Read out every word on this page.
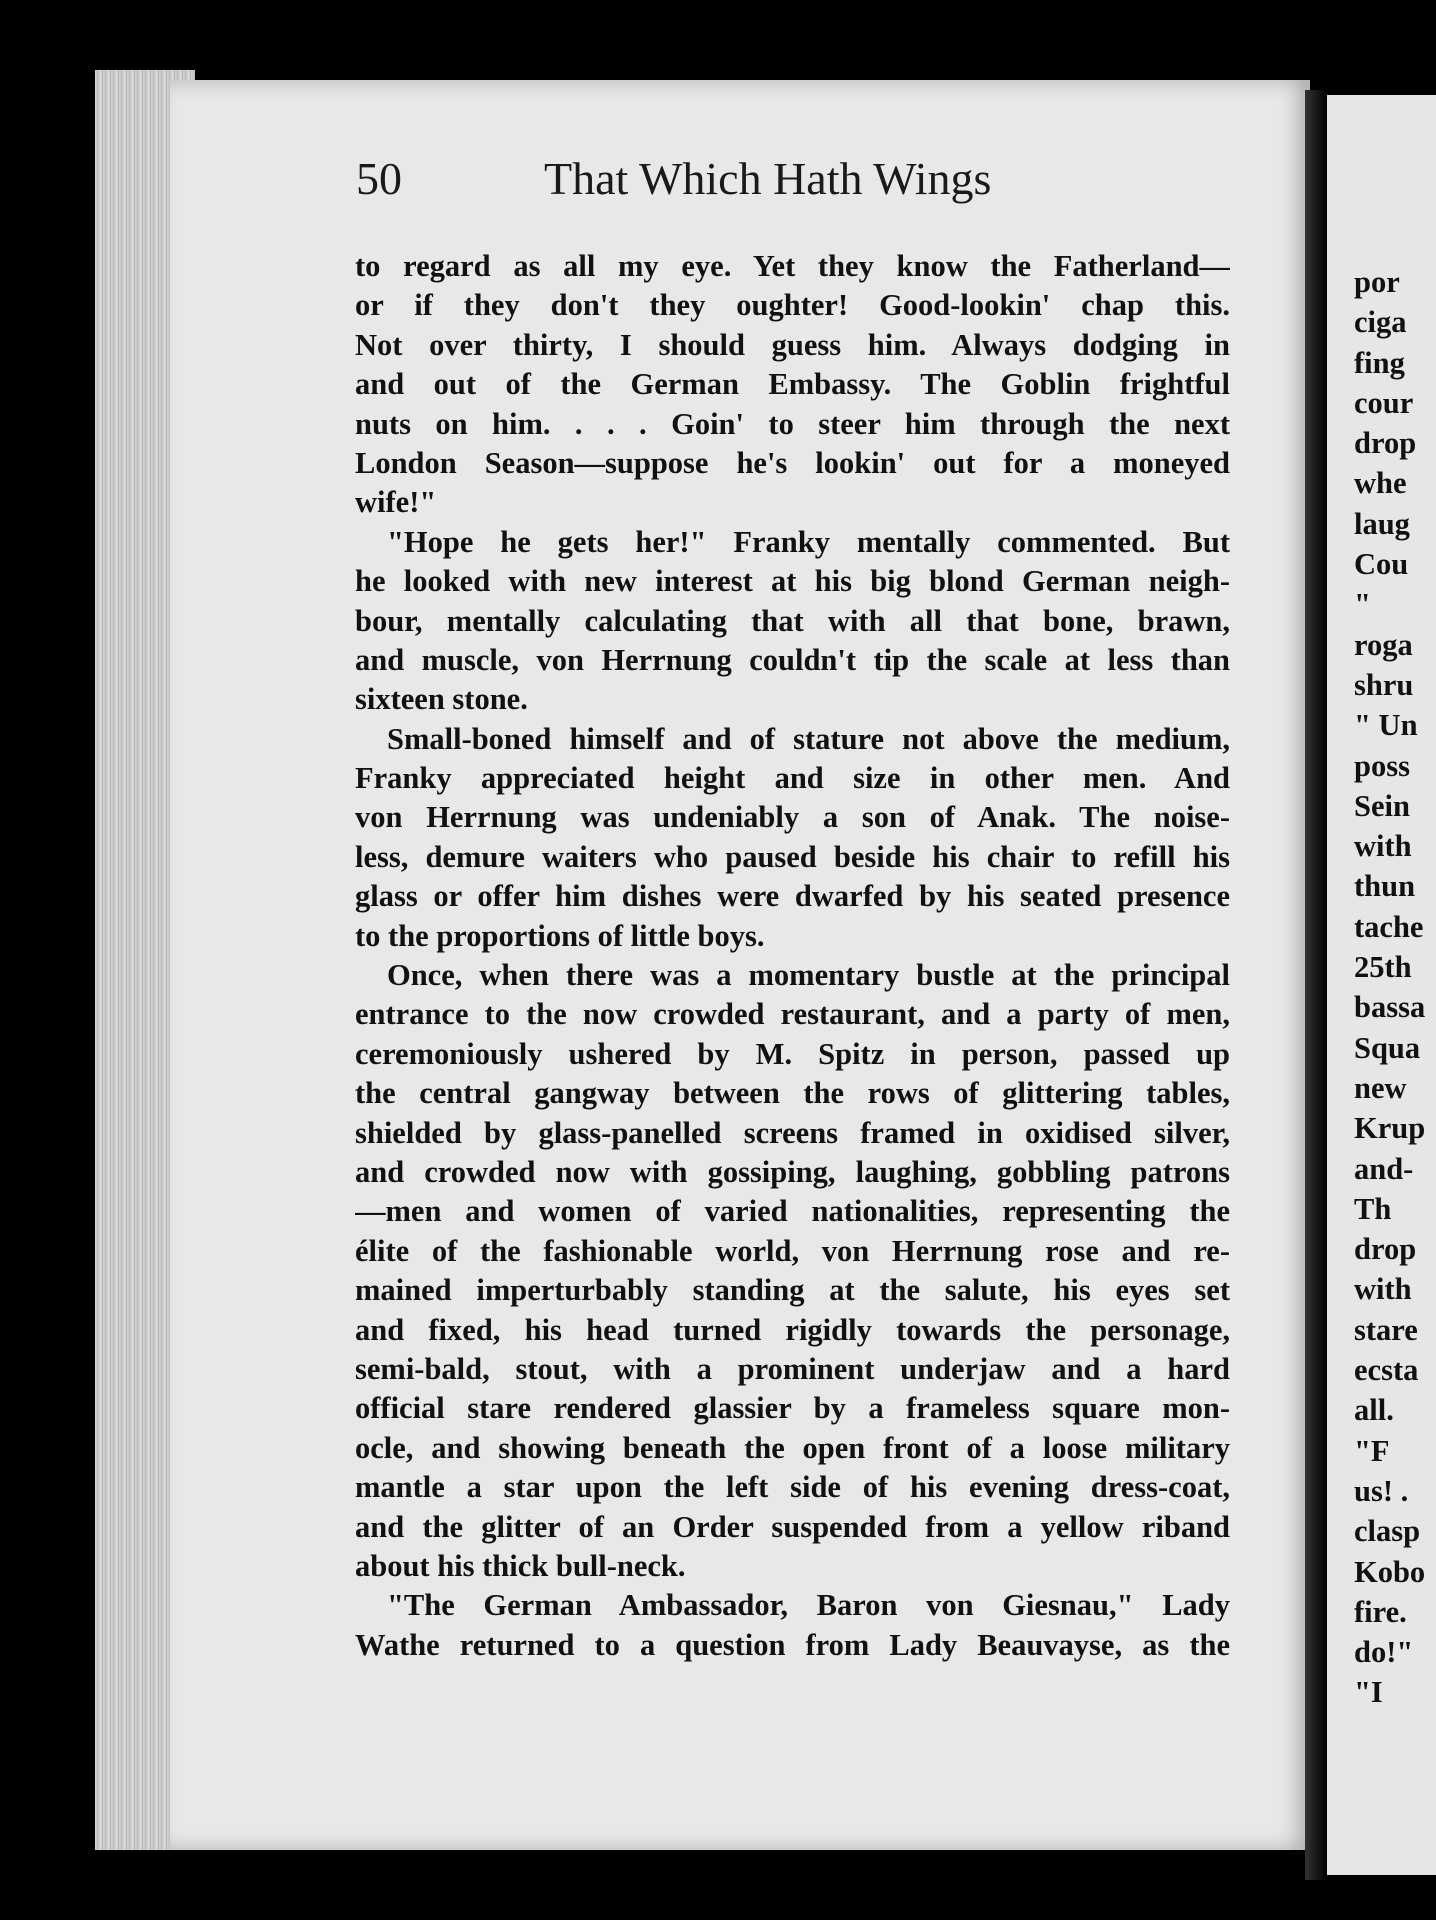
50	That Which Hath Wings
to regard as all my eye. Yet they know the Fatherland—
or if they don't they oughter! Good-lookin' chap this.
Not over thirty, I should guess him. Always dodging in
and out of the German Embassy. The Goblin frightful
nuts on him. . . . Goin' to steer him through the next
London Season—suppose he's lookin' out for a moneyed
wife!"
"Hope he gets her!" Franky mentally commented. But
he looked with new interest at his big blond German neigh-
bour, mentally calculating that with all that bone, brawn,
and muscle, von Herrnung couldn't tip the scale at less than
sixteen stone.
Small-boned himself and of stature not above the medium,
Franky appreciated height and size in other men. And
von Herrnung was undeniably a son of Anak. The noise-
less, demure waiters who paused beside his chair to refill his
glass or offer him dishes were dwarfed by his seated presence
to the proportions of little boys.
Once, when there was a momentary bustle at the principal
entrance to the now crowded restaurant, and a party of men,
ceremoniously ushered by M. Spitz in person, passed up
the central gangway between the rows of glittering tables,
shielded by glass-panelled screens framed in oxidised silver,
and crowded now with gossiping, laughing, gobbling patrons
—men and women of varied nationalities, representing the
élite of the fashionable world, von Herrnung rose and re-
mained imperturbably standing at the salute, his eyes set
and fixed, his head turned rigidly towards the personage,
semi-bald, stout, with a prominent underjaw and a hard
official stare rendered glassier by a frameless square mon-
ocle, and showing beneath the open front of a loose military
mantle a star upon the left side of his evening dress-coat,
and the glitter of an Order suspended from a yellow riband
about his thick bull-neck.
"The German Ambassador, Baron von Giesnau," Lady
Wathe returned to a question from Lady Beauvayse, as the
por
ciga
fing
cour
drop
whe
laug
Cou
"
roga
shru
" Un
poss
Sein
with
thun
tache
25th
bassa
Squa
new
Krup
and-
Th
drop
with
stare
ecsta
all.
"F
us! .
clasp
Kobo
fire.
do!"
"I
